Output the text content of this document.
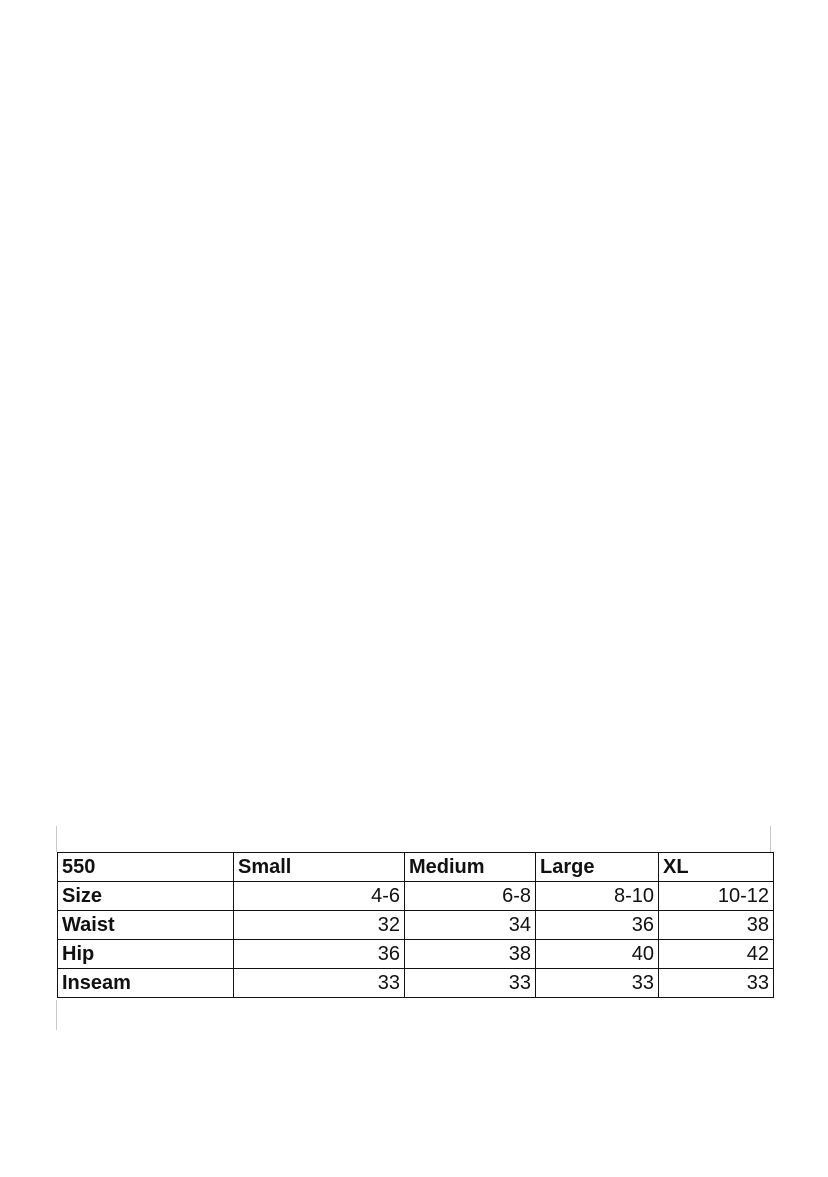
550	Small	Medium	Large	XL
Size	4-6	6-8	8-10	10-12
Waist	32	34	36	38
Hip	36	38	40	42
Inseam	33	33	33	33
